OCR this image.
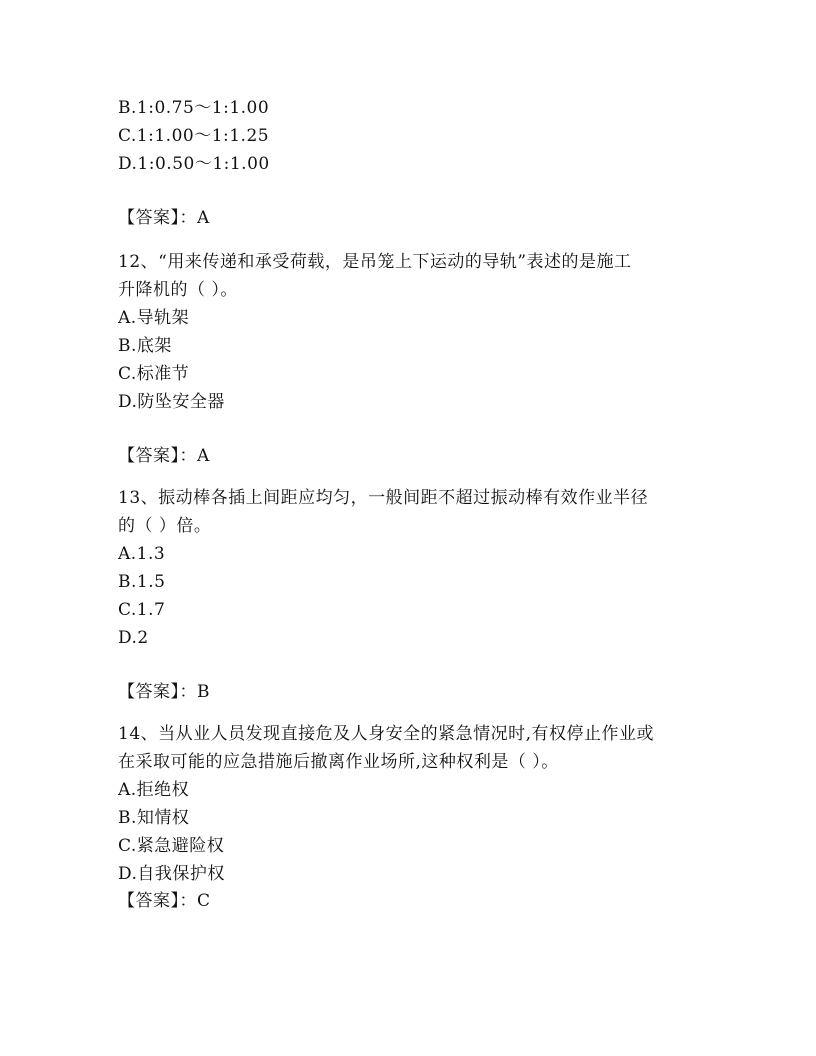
B.1:0.75～1:1.00
C.1:1.00～1:1.25
D.1:0.50～1:1.00
【答案】：A
12、“用来传递和承受荷载，是吊笼上下运动的导轨”表述的是施工
升降机的（ ）。
A.导轨架
B.底架
C.标准节
D.防坠安全器
【答案】：A
13、振动棒各插上间距应均匀，一般间距不超过振动棒有效作业半径
的（ ）倍。
A.1.3
B.1.5
C.1.7
D.2
【答案】：B
14、当从业人员发现直接危及人身安全的紧急情况时,有权停止作业或
在采取可能的应急措施后撤离作业场所,这种权利是（ ）。
A.拒绝权
B.知情权
C.紧急避险权
D.自我保护权
【答案】：C
